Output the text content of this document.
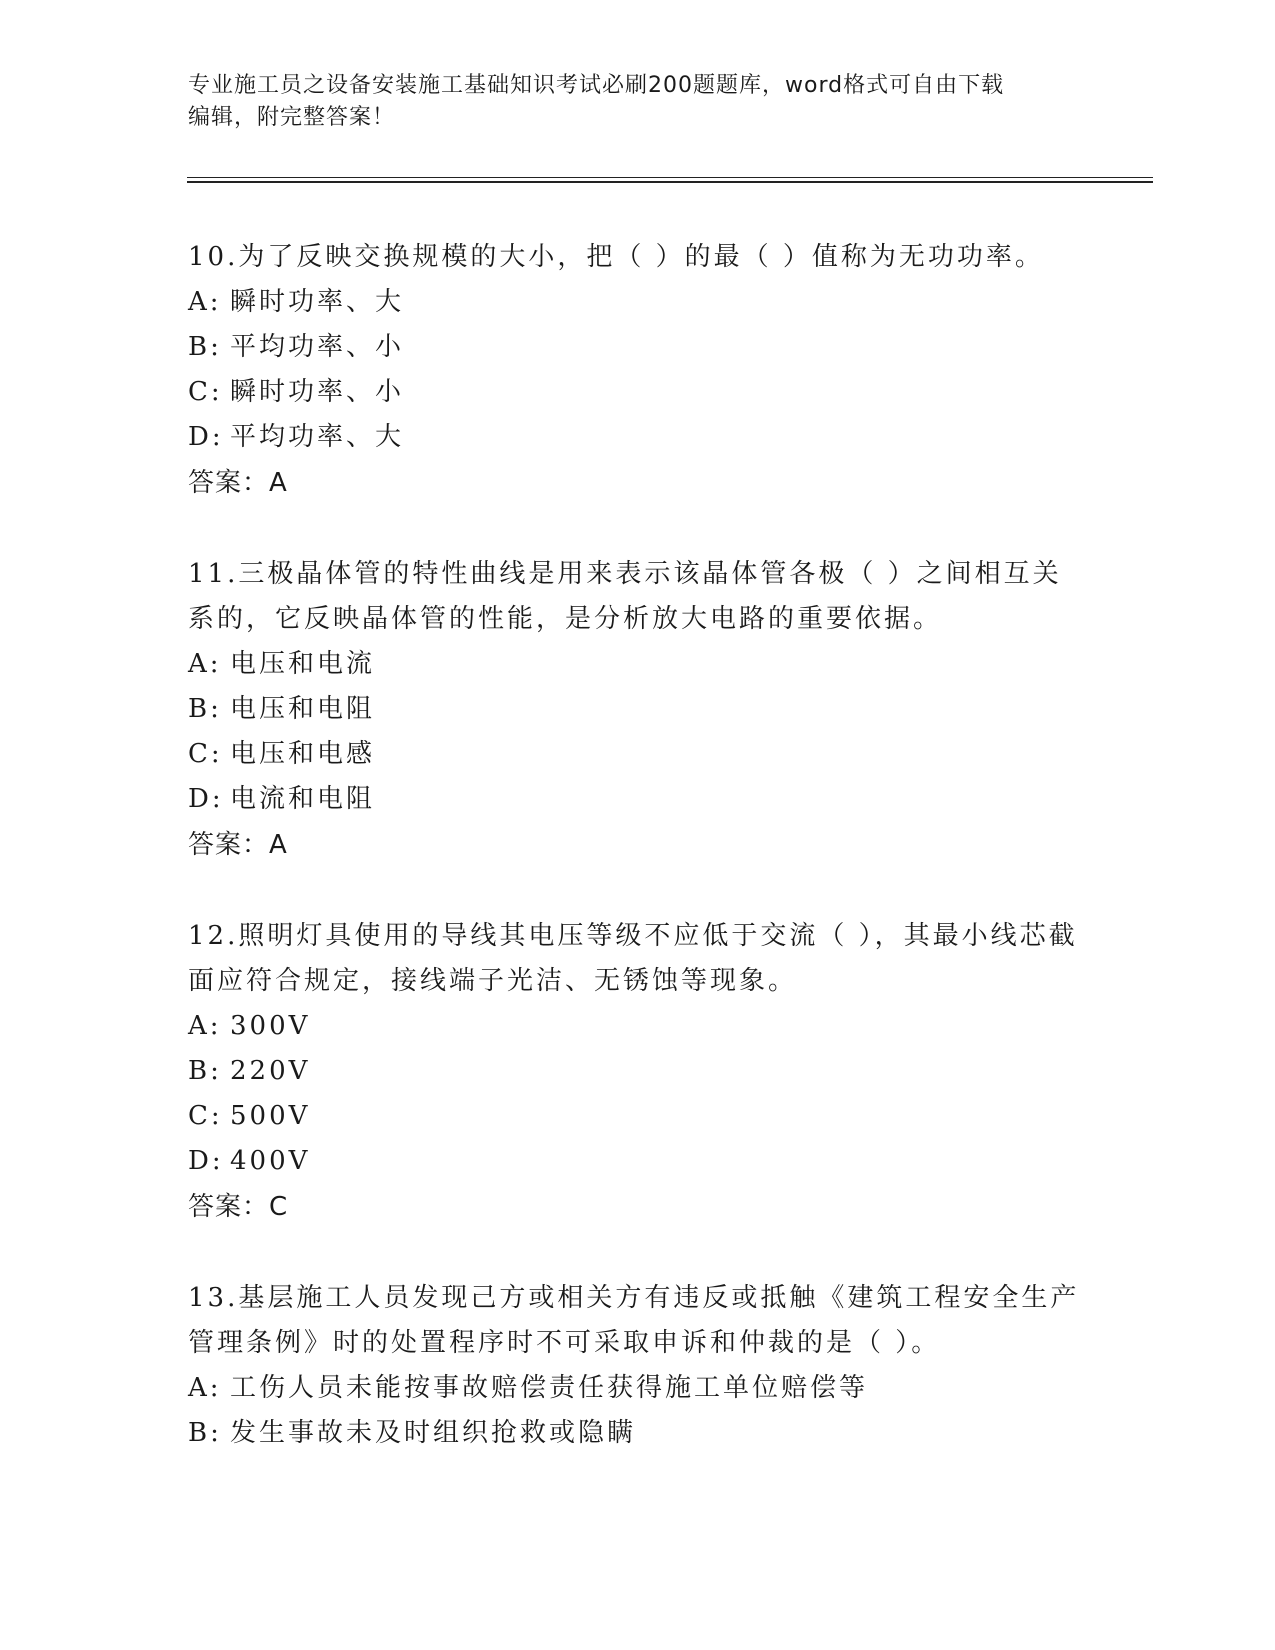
专业施工员之设备安装施工基础知识考试必刷200题题库，word格式可自由下载
编辑，附完整答案！
10.为了反映交换规模的大小，把（ ）的最（ ）值称为无功功率。
A: 瞬时功率、大
B: 平均功率、小
C: 瞬时功率、小
D: 平均功率、大
答案：A
11.三极晶体管的特性曲线是用来表示该晶体管各极（ ）之间相互关系的，它反映晶体管的性能，是分析放大电路的重要依据。
A: 电压和电流
B: 电压和电阻
C: 电压和电感
D: 电流和电阻
答案：A
12.照明灯具使用的导线其电压等级不应低于交流（ ），其最小线芯截面应符合规定，接线端子光洁、无锈蚀等现象。
A: 300V
B: 220V
C: 500V
D: 400V
答案：C
13.基层施工人员发现己方或相关方有违反或抵触《建筑工程安全生产管理条例》时的处置程序时不可采取申诉和仲裁的是（ ）。
A: 工伤人员未能按事故赔偿责任获得施工单位赔偿等
B: 发生事故未及时组织抢救或隐瞒
